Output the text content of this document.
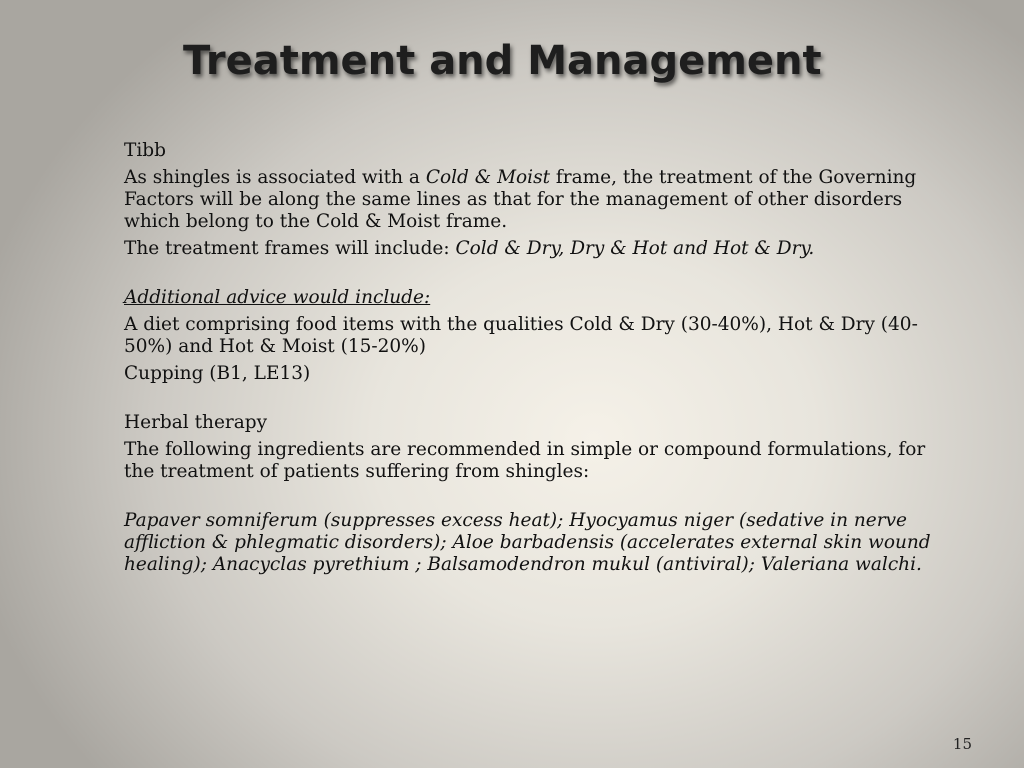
Treatment and Management

Tibb

As shingles is associated with a Cold & Moist frame, the treatment of the Governing Factors will be along the same lines as that for the management of other disorders which belong to the Cold & Moist frame.

The treatment frames will include: Cold & Dry, Dry & Hot and Hot & Dry.

Additional advice would include:

A diet comprising food items with the qualities Cold & Dry (30-40%), Hot & Dry (40-50%) and Hot & Moist (15-20%)

Cupping (B1, LE13)

Herbal therapy

The following ingredients are recommended in simple or compound formulations, for the treatment of patients suffering from shingles:

Papaver somniferum (suppresses excess heat); Hyocyamus niger (sedative in nerve affliction & phlegmatic disorders); Aloe barbadensis (accelerates external skin wound healing); Anacyclas pyrethium ; Balsamodendron mukul (antiviral); Valeriana walchi.

15
